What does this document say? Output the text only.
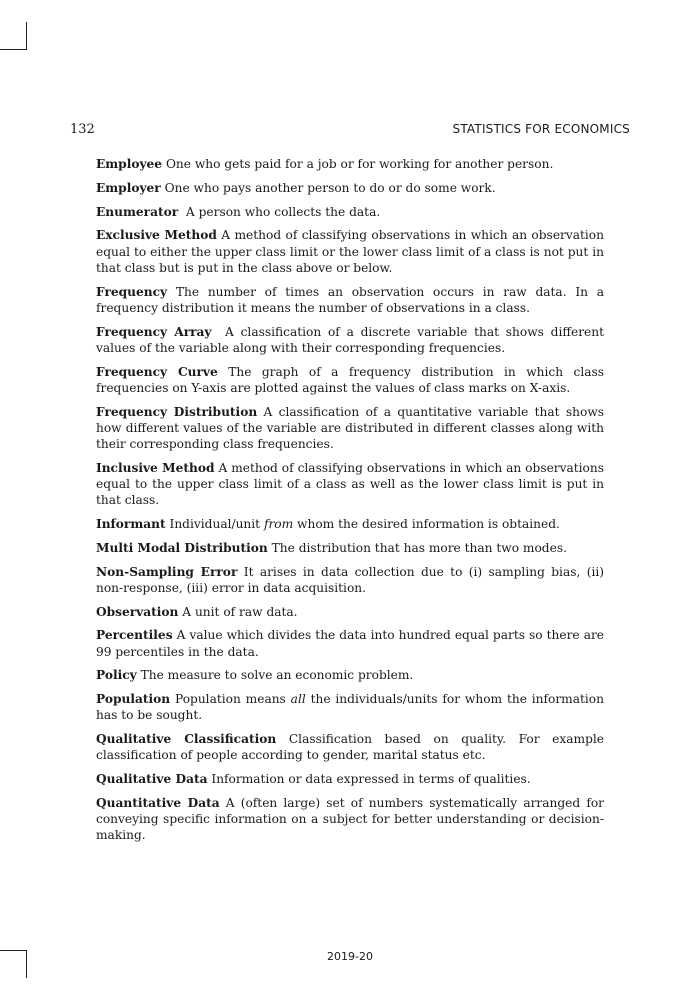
132	STATISTICS FOR ECONOMICS

Employee One who gets paid for a job or for working for another person.

Employer One who pays another person to do or do some work.

Enumerator A person who collects the data.

Exclusive Method A method of classifying observations in which an observation equal to either the upper class limit or the lower class limit of a class is not put in that class but is put in the class above or below.

Frequency The number of times an observation occurs in raw data. In a frequency distribution it means the number of observations in a class.

Frequency Array A classification of a discrete variable that shows different values of the variable along with their corresponding frequencies.

Frequency Curve The graph of a frequency distribution in which class frequencies on Y-axis are plotted against the values of class marks on X-axis.

Frequency Distribution A classification of a quantitative variable that shows how different values of the variable are distributed in different classes along with their corresponding class frequencies.

Inclusive Method A method of classifying observations in which an observations equal to the upper class limit of a class as well as the lower class limit is put in that class.

Informant Individual/unit from whom the desired information is obtained.

Multi Modal Distribution The distribution that has more than two modes.

Non-Sampling Error It arises in data collection due to (i) sampling bias, (ii) non-response, (iii) error in data acquisition.

Observation A unit of raw data.

Percentiles A value which divides the data into hundred equal parts so there are 99 percentiles in the data.

Policy The measure to solve an economic problem.

Population Population means all the individuals/units for whom the information has to be sought.

Qualitative Classification Classification based on quality. For example classification of people according to gender, marital status etc.

Qualitative Data Information or data expressed in terms of qualities.

Quantitative Data A (often large) set of numbers systematically arranged for conveying specific information on a subject for better understanding or decision-making.

2019-20
